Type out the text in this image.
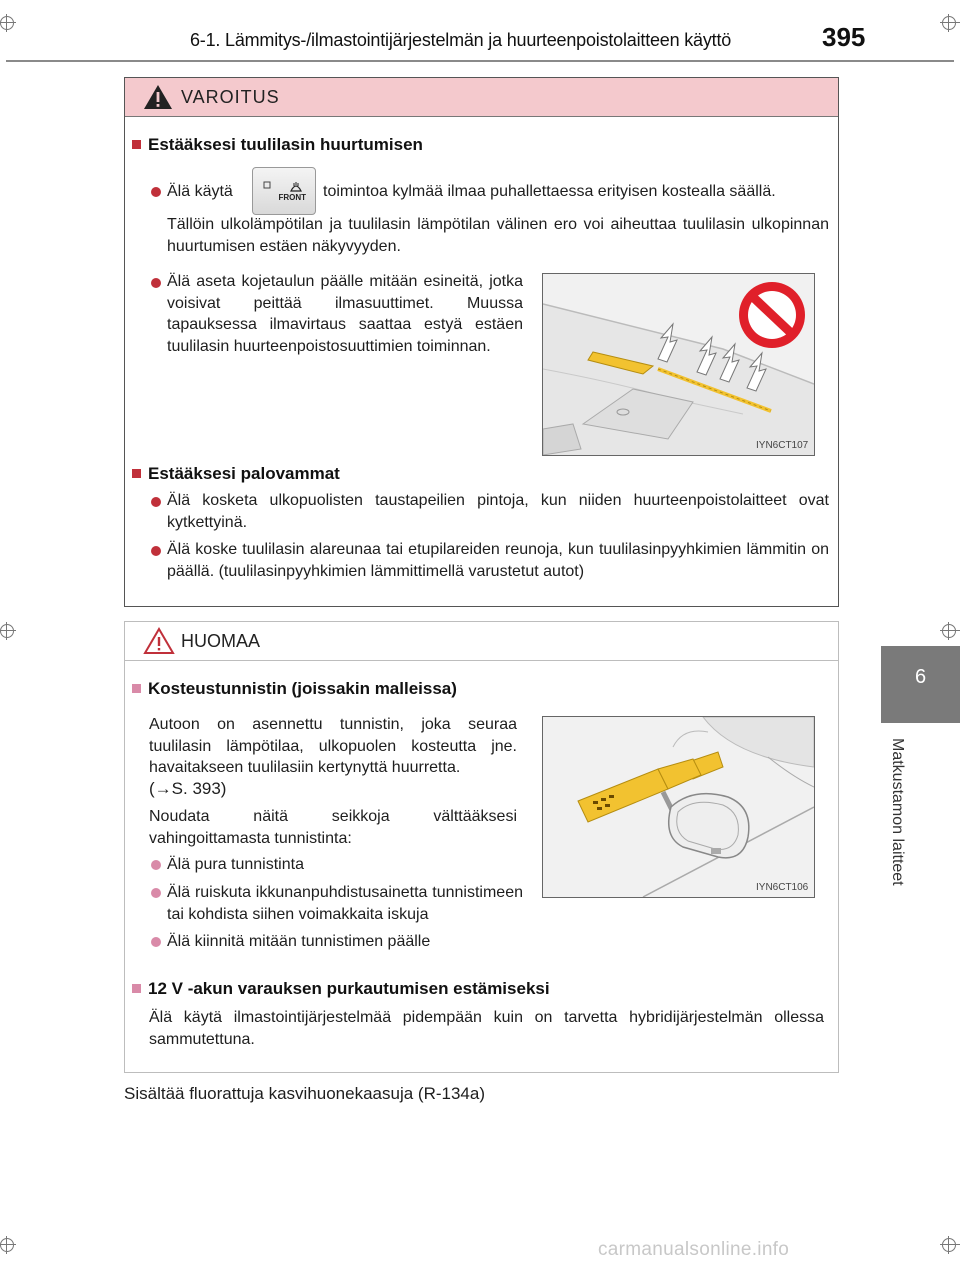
6-1. Lämmitys-/ilmastointijärjestelmän ja huurteenpoistolaitteen käyttö	395
6
Matkustamon laitteet
VAROITUS
Estääksesi tuulilasin huurtumisen
Älä käytä	FRONT toimintoa kylmää ilmaa puhallettaessa erityisen kostealla säällä.
Tällöin ulkolämpötilan ja tuulilasin lämpötilan välinen ero voi aiheuttaa tuulilasin ulkopinnan huurtumisen estäen näkyvyyden.
Älä aseta kojetaulun päälle mitään esineitä, jotka voisivat peittää ilmasuuttimet. Muussa tapauksessa ilmavirtaus saattaa estyä estäen tuulilasin huurteenpoistosuuttimien toiminnan.
IYN6CT107
Estääksesi palovammat
Älä kosketa ulkopuolisten taustapeilien pintoja, kun niiden huurteenpoistolaitteet ovat kytkettyinä.
Älä koske tuulilasin alareunaa tai etupilareiden reunoja, kun tuulilasinpyyhkimien lämmitin on päällä. (tuulilasinpyyhkimien lämmittimellä varustetut autot)
HUOMAA
Kosteustunnistin (joissakin malleissa)
Autoon on asennettu tunnistin, joka seuraa tuulilasin lämpötilaa, ulkopuolen kosteutta jne. havaitakseen tuulilasiin kertynyttä huurretta.
(→S. 393)
Noudata näitä seikkoja välttääksesi vahingoittamasta tunnistinta:
Älä pura tunnistinta
Älä ruiskuta ikkunanpuhdistusainetta tunnistimeen tai kohdista siihen voimakkaita iskuja
Älä kiinnitä mitään tunnistimen päälle
IYN6CT106
12 V -akun varauksen purkautumisen estämiseksi
Älä käytä ilmastointijärjestelmää pidempään kuin on tarvetta hybridijärjestelmän ollessa sammutettuna.
Sisältää fluorattuja kasvihuonekaasuja (R-134a)
carmanualsonline.info
